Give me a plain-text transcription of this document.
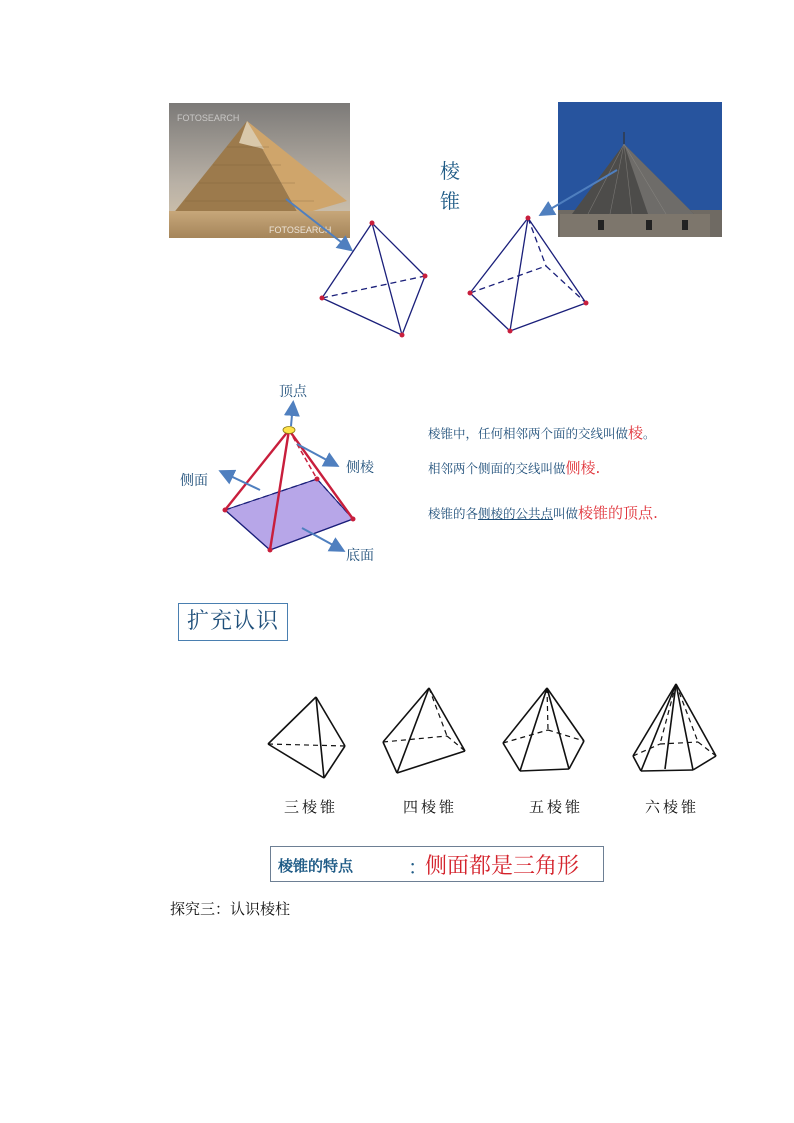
FOTOSEARCH
FOTOSEARCH
棱
锥
顶点
侧棱
侧面
底面
棱锥中，任何相邻两个面的交线叫做棱。
相邻两个侧面的交线叫做侧棱.
棱锥的各侧棱的公共点叫做棱锥的顶点.
扩充认识
三棱锥	四棱锥	五棱锥	六棱锥
棱锥的特点	：
侧面都是三角形
探究三：认识棱柱
